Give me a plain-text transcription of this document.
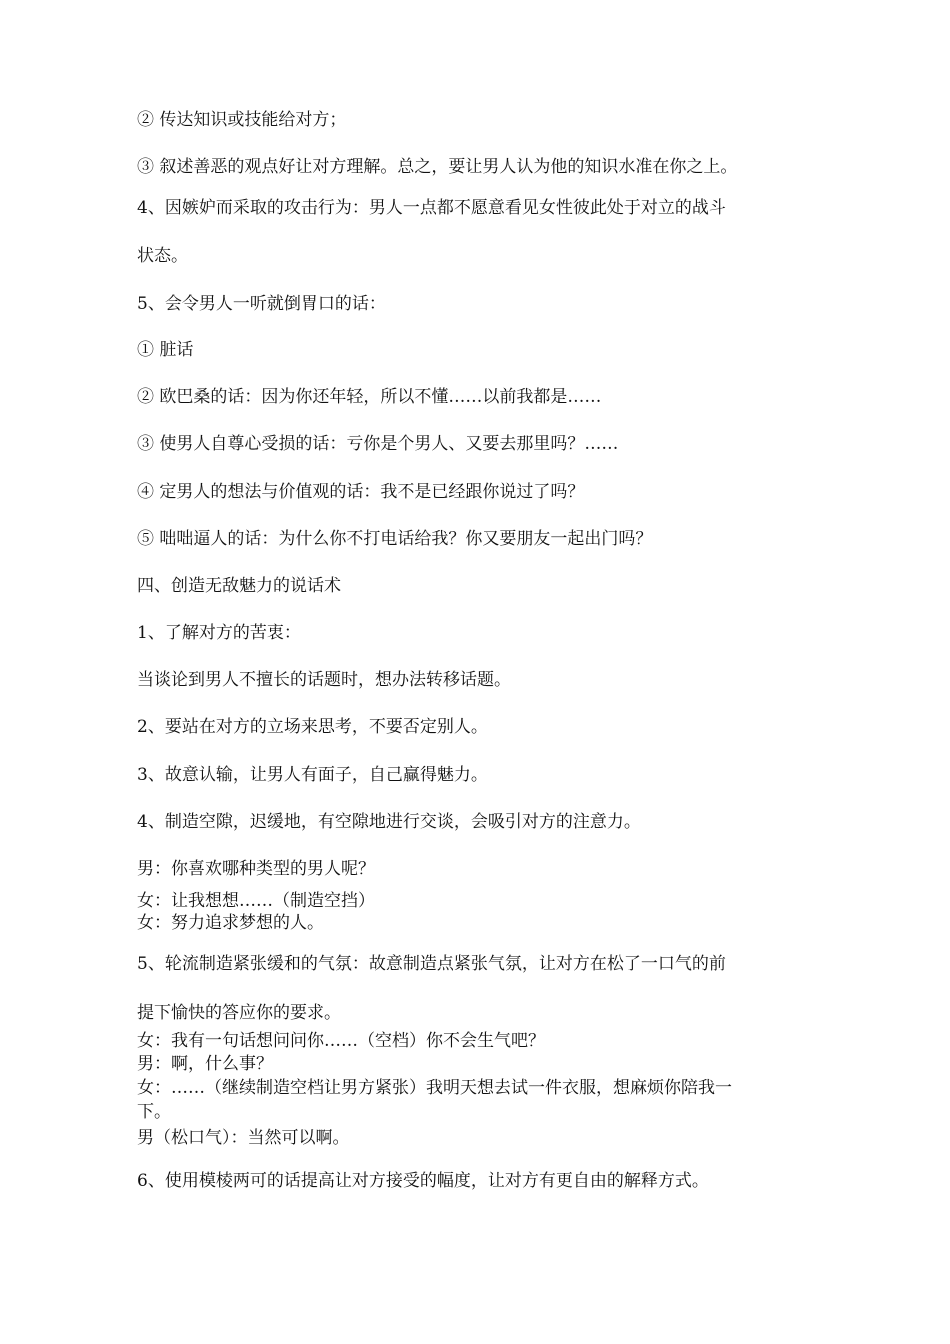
② 传达知识或技能给对方；
③ 叙述善恶的观点好让对方理解。总之，要让男人认为他的知识水准在你之上。
4、因嫉妒而采取的攻击行为：男人一点都不愿意看见女性彼此处于对立的战斗
状态。
5、会令男人一听就倒胃口的话：
① 脏话
② 欧巴桑的话：因为你还年轻，所以不懂……以前我都是……
③ 使男人自尊心受损的话：亏你是个男人、又要去那里吗？……
④ 定男人的想法与价值观的话：我不是已经跟你说过了吗？
⑤ 咄咄逼人的话：为什么你不打电话给我？你又要朋友一起出门吗？
四、创造无敌魅力的说话术
1、了解对方的苦衷：
当谈论到男人不擅长的话题时，想办法转移话题。
2、要站在对方的立场来思考，不要否定别人。
3、故意认输，让男人有面子，自己赢得魅力。
4、制造空隙，迟缓地，有空隙地进行交谈，会吸引对方的注意力。
男：你喜欢哪种类型的男人呢？
女：让我想想……（制造空挡）
女：努力追求梦想的人。
5、轮流制造紧张缓和的气氛：故意制造点紧张气氛，让对方在松了一口气的前
提下愉快的答应你的要求。
女：我有一句话想问问你……（空档）你不会生气吧？
男：啊，什么事？
女：……（继续制造空档让男方紧张）我明天想去试一件衣服，想麻烦你陪我一
下。
男（松口气）：当然可以啊。
6、使用模棱两可的话提高让对方接受的幅度，让对方有更自由的解释方式。
